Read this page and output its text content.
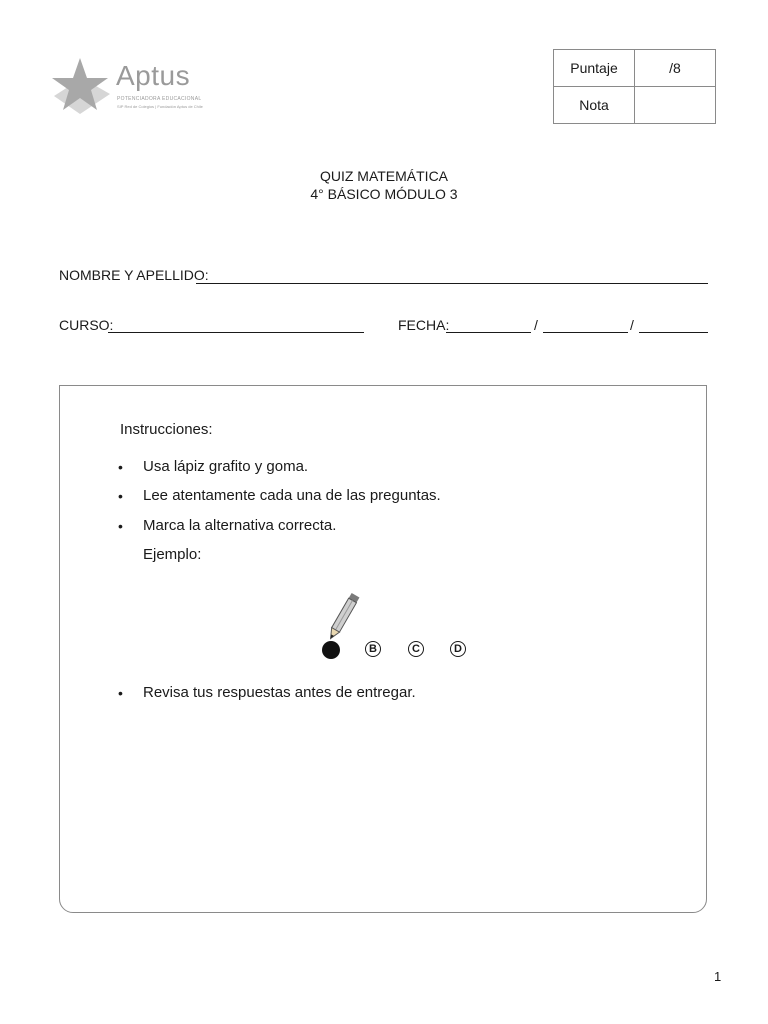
Aptus
POTENCIADORA EDUCACIONAL
SIP Red de Colegios | Fundación Aptus de Chile
Puntaje	/8
Nota	
QUIZ MATEMÁTICA
4° BÁSICO MÓDULO 3
NOMBRE Y APELLIDO:
CURSO:	FECHA:	/	/
Instrucciones:
• Usa lápiz grafito y goma.
• Lee atentamente cada una de las preguntas.
• Marca la alternativa correcta.
Ejemplo:
B	C	D
• Revisa tus respuestas antes de entregar.
1
